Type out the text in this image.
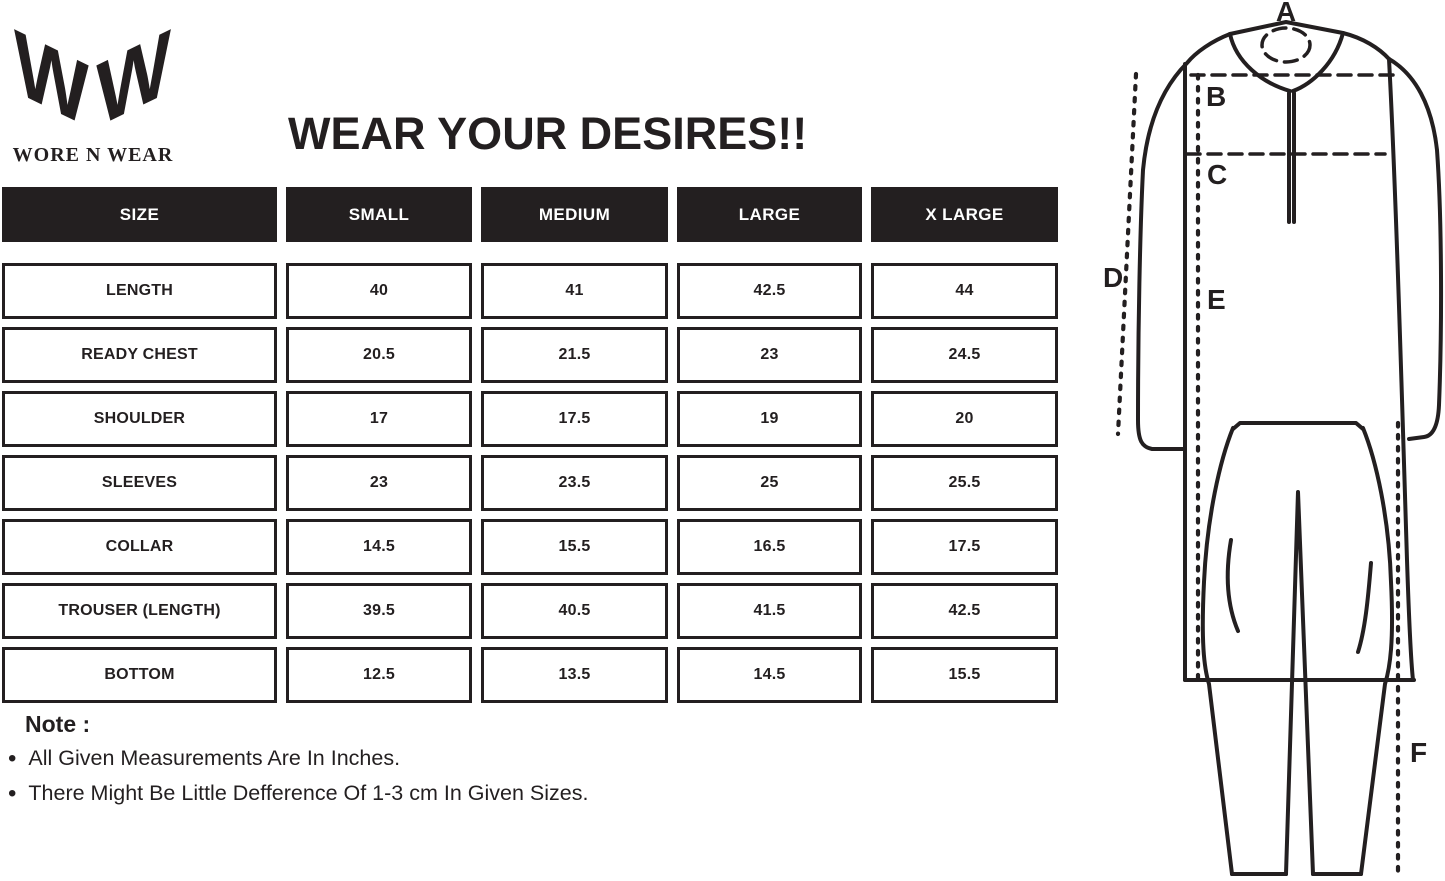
W W
WORE N WEAR	WEAR YOUR DESIRES!!
SIZE	SMALL	MEDIUM	LARGE	X LARGE
LENGTH	40	41	42.5	44
READY CHEST	20.5	21.5	23	24.5
SHOULDER	17	17.5	19	20
SLEEVES	23	23.5	25	25.5
COLLAR	14.5	15.5	16.5	17.5
TROUSER (LENGTH)	39.5	40.5	41.5	42.5
BOTTOM	12.5	13.5	14.5	15.5
Note :
• All Given Measurements Are In Inches.
• There Might Be Little Defference Of 1-3 cm In Given Sizes.
A
B
C
D
E
F
